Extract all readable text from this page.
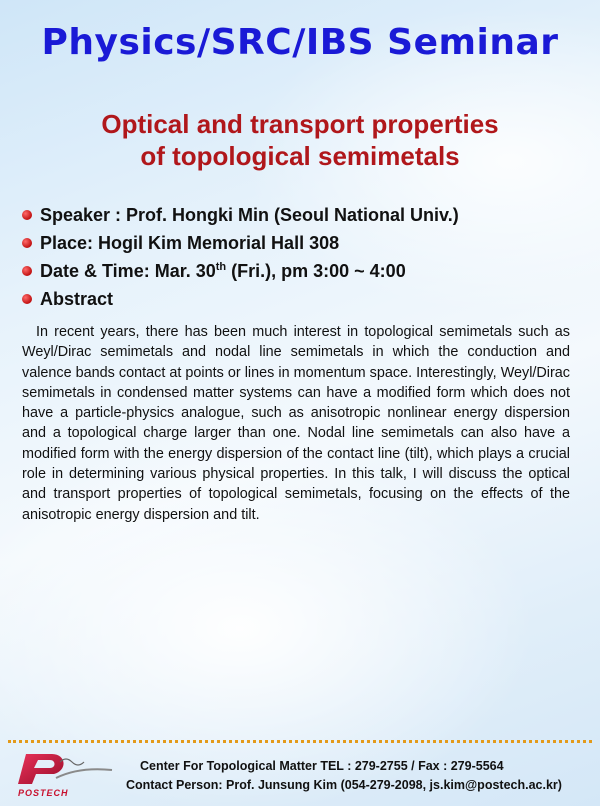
Physics/SRC/IBS Seminar
Optical and transport properties
of topological semimetals
Speaker : Prof. Hongki Min (Seoul National Univ.)
Place: Hogil Kim Memorial Hall 308
Date & Time: Mar. 30th (Fri.), pm 3:00 ~ 4:00
Abstract
In recent years, there has been much interest in topological semimetals such as Weyl/Dirac semimetals and nodal line semimetals in which the conduction and valence bands contact at points or lines in momentum space. Interestingly, Weyl/Dirac semimetals in condensed matter systems can have a modified form which does not have a particle-physics analogue, such as anisotropic nonlinear energy dispersion and a topological charge larger than one. Nodal line semimetals can also have a modified form with the energy dispersion of the contact line (tilt), which plays a crucial role in determining various physical properties. In this talk, I will discuss the optical and transport properties of topological semimetals, focusing on the effects of the anisotropic energy dispersion and tilt.
POSTECH
Center For Topological Matter TEL : 279-2755 / Fax : 279-5564
Contact Person: Prof. Junsung Kim (054-279-2098, js.kim@postech.ac.kr)
